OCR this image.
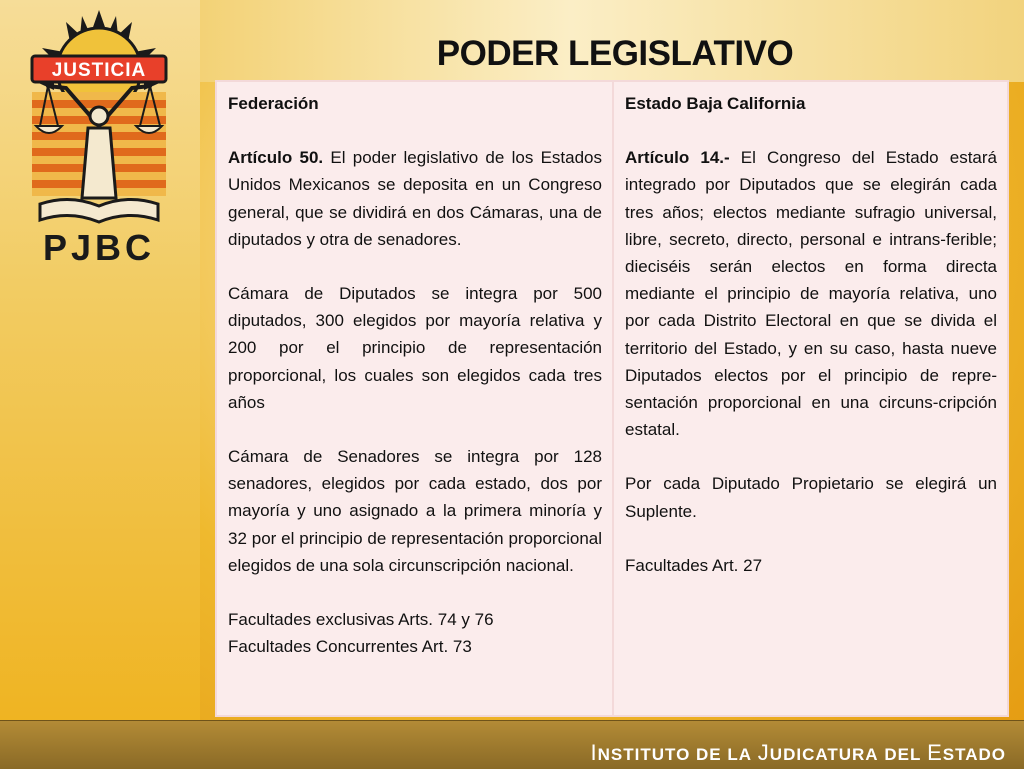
JUSTICIA
PJBC
PODER LEGISLATIVO

Federación

Artículo 50. El poder legislativo de los Estados Unidos Mexicanos se deposita en un Congreso general, que se dividirá en dos Cámaras, una de diputados y otra de senadores.

Cámara de Diputados se integra por 500 diputados, 300 elegidos por mayoría relativa y 200 por el principio de representación proporcional, los cuales son elegidos cada tres años

Cámara de Senadores se integra por 128 senadores, elegidos por cada estado, dos por mayoría y uno asignado a la primera minoría y 32 por el principio de representación proporcional elegidos de una sola circunscripción nacional.

Facultades exclusivas Arts. 74 y 76

Facultades Concurrentes Art. 73

Estado Baja California

Artículo 14.- El Congreso del Estado estará integrado por Diputados que se elegirán cada tres años; electos mediante sufragio universal, libre, secreto, directo, personal e intrans-ferible; dieciséis serán electos en forma directa mediante el principio de mayoría relativa, uno por cada Distrito Electoral en que se divida el territorio del Estado, y en su caso, hasta nueve Diputados electos por el principio de repre-sentación proporcional en una circuns-cripción estatal.

Por cada Diputado Propietario se elegirá un Suplente.

Facultades Art. 27

INSTITUTO DE LA JUDICATURA DEL ESTADO
